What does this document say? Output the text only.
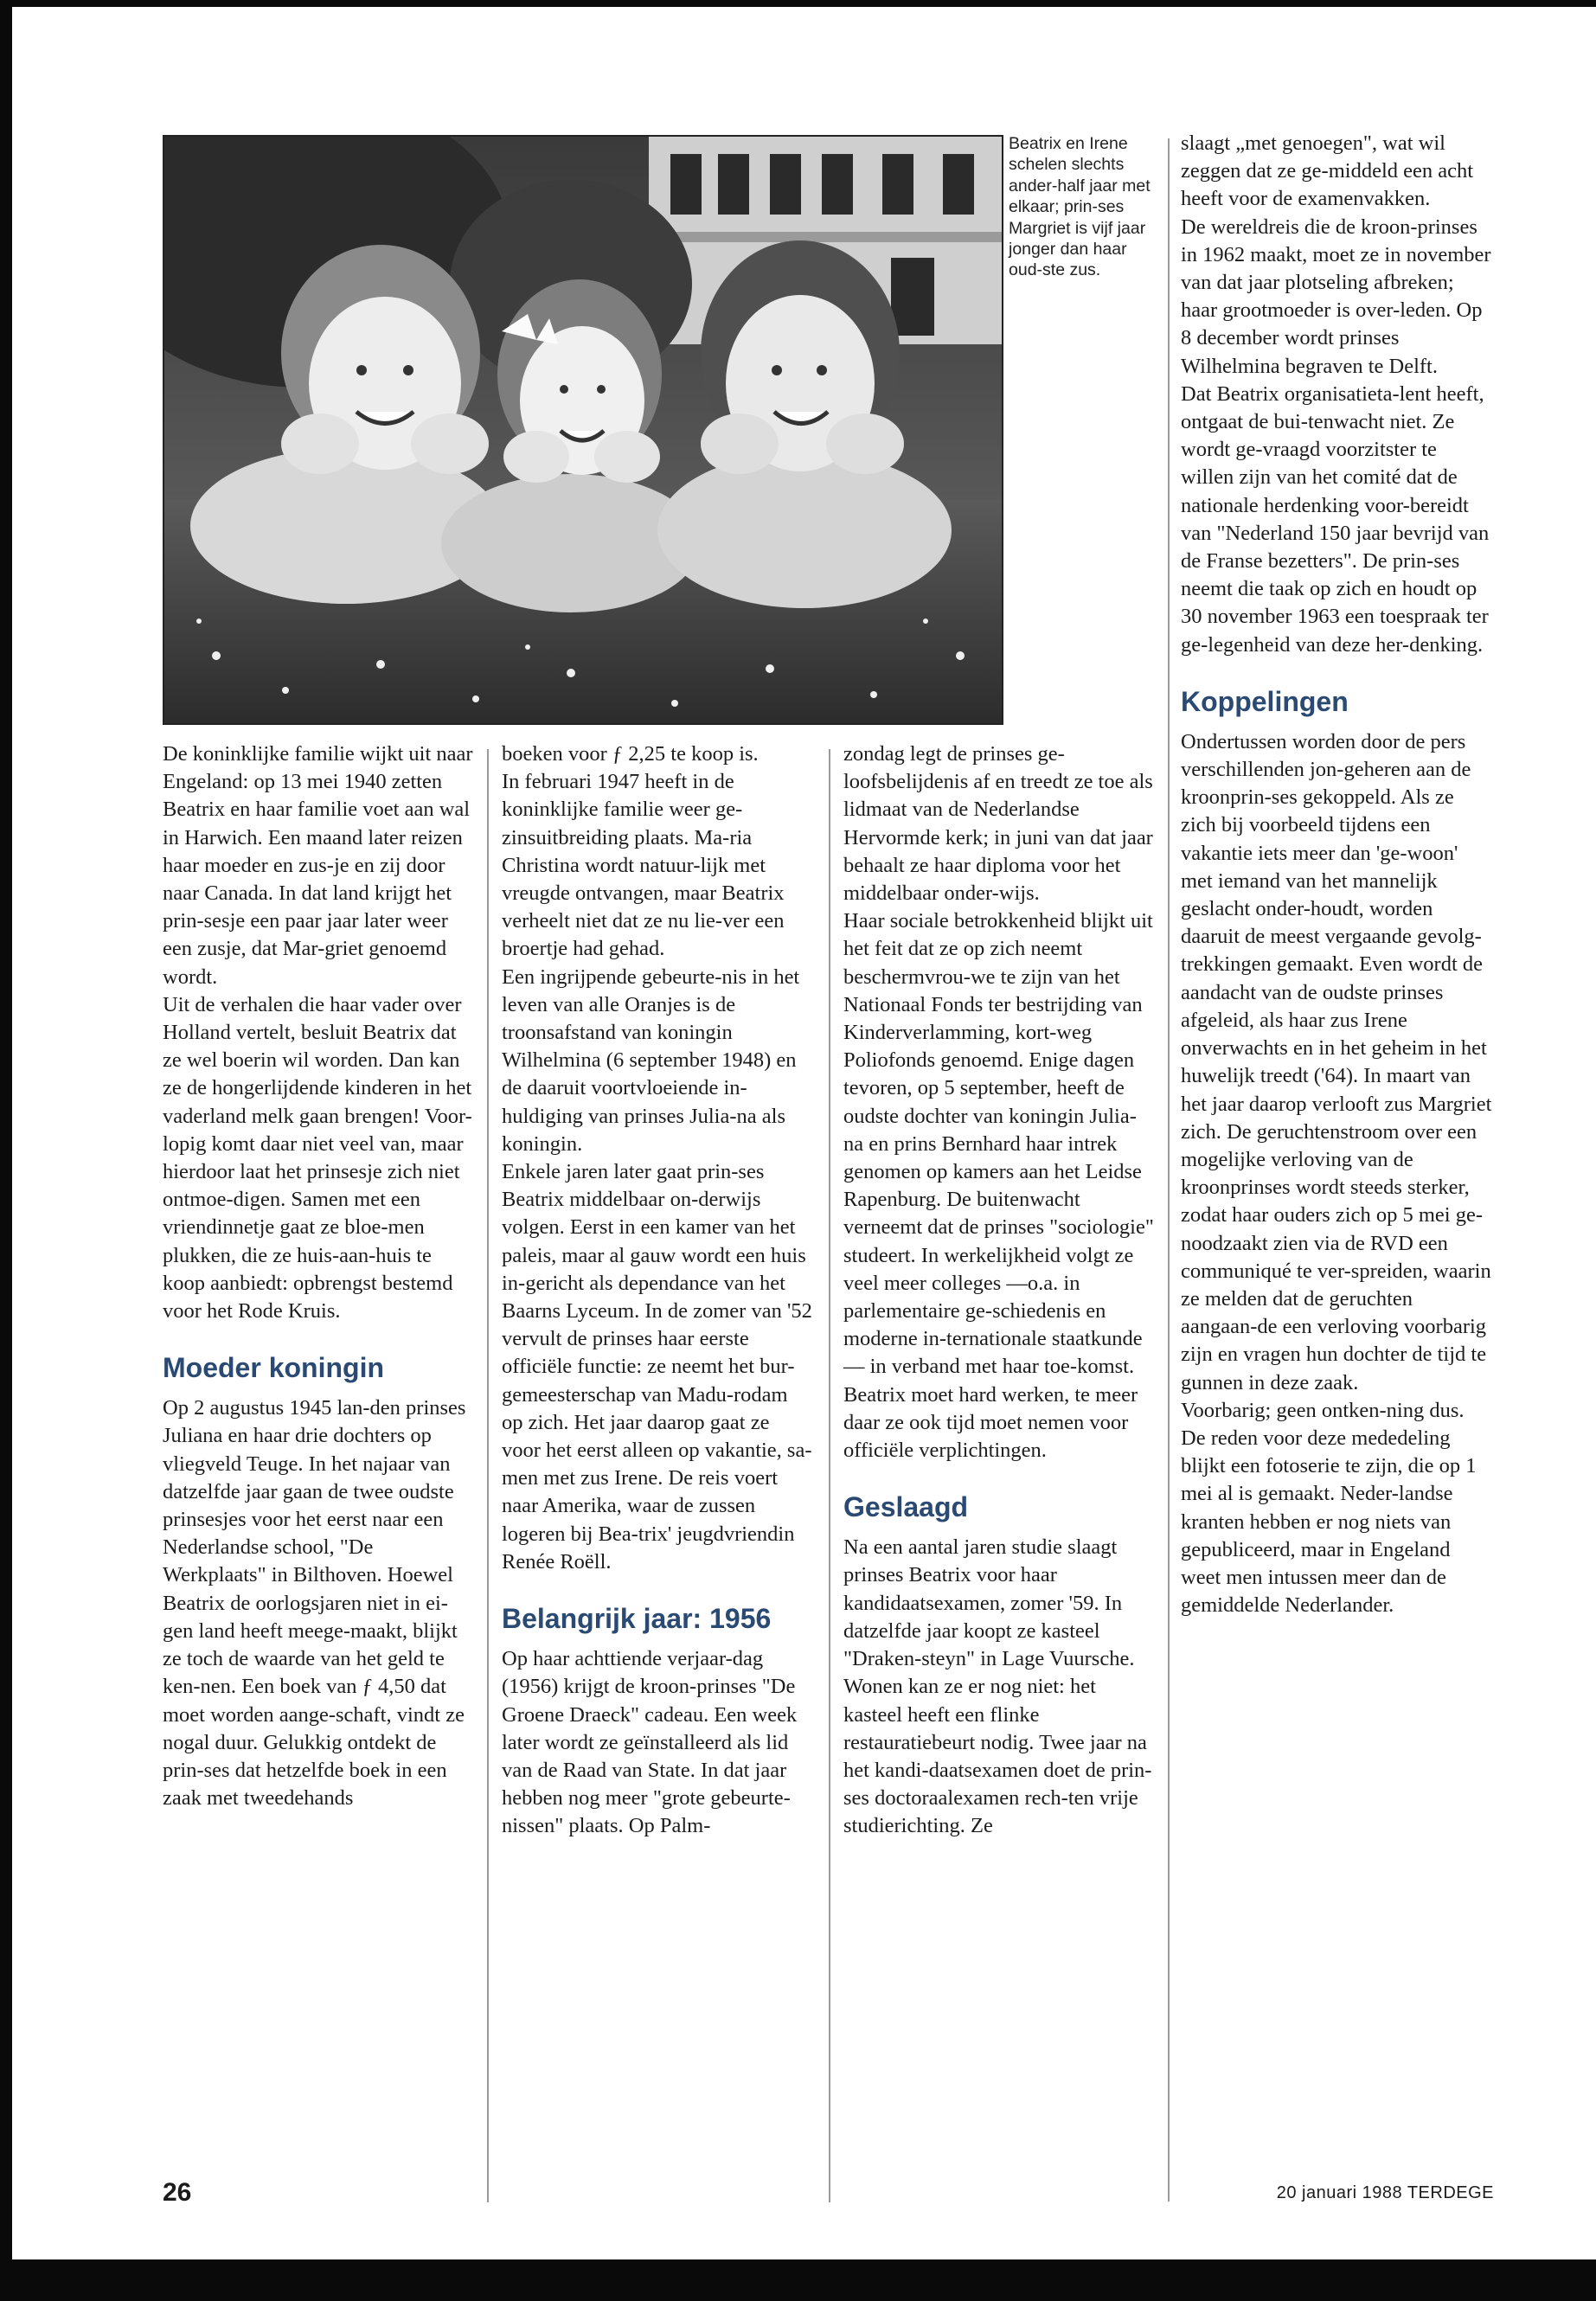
Beatrix en Irene schelen slechts ander-half jaar met elkaar; prin-ses Margriet is vijf jaar jonger dan haar oud-ste zus.

De koninklijke familie wijkt uit naar Engeland: op 13 mei 1940 zetten Beatrix en haar familie voet aan wal in Harwich. Een maand later reizen haar moeder en zus-je en zij door naar Canada. In dat land krijgt het prin-sesje een paar jaar later weer een zusje, dat Mar-griet genoemd wordt.

Uit de verhalen die haar vader over Holland vertelt, besluit Beatrix dat ze wel boerin wil worden. Dan kan ze de hongerlijdende kinderen in het vaderland melk gaan brengen! Voor-lopig komt daar niet veel van, maar hierdoor laat het prinsesje zich niet ontmoe-digen. Samen met een vriendinnetje gaat ze bloe-men plukken, die ze huis-aan-huis te koop aanbiedt: opbrengst bestemd voor het Rode Kruis.

Moeder koningin

Op 2 augustus 1945 lan-den prinses Juliana en haar drie dochters op vliegveld Teuge. In het najaar van datzelfde jaar gaan de twee oudste prinsesjes voor het eerst naar een Nederlandse school, "De Werkplaats" in Bilthoven. Hoewel Beatrix de oorlogsjaren niet in ei-gen land heeft meege-maakt, blijkt ze toch de waarde van het geld te ken-nen. Een boek van ƒ 4,50 dat moet worden aange-schaft, vindt ze nogal duur. Gelukkig ontdekt de prin-ses dat hetzelfde boek in een zaak met tweedehands

boeken voor ƒ 2,25 te koop is.

In februari 1947 heeft in de koninklijke familie weer ge-zinsuitbreiding plaats. Ma-ria Christina wordt natuur-lijk met vreugde ontvangen, maar Beatrix verheelt niet dat ze nu lie-ver een broertje had gehad.

Een ingrijpende gebeurte-nis in het leven van alle Oranjes is de troonsafstand van koningin Wilhelmina (6 september 1948) en de daaruit voortvloeiende in-huldiging van prinses Julia-na als koningin.

Enkele jaren later gaat prin-ses Beatrix middelbaar on-derwijs volgen. Eerst in een kamer van het paleis, maar al gauw wordt een huis in-gericht als dependance van het Baarns Lyceum. In de zomer van '52 vervult de prinses haar eerste officiële functie: ze neemt het bur-gemeesterschap van Madu-rodam op zich. Het jaar daarop gaat ze voor het eerst alleen op vakantie, sa-men met zus Irene. De reis voert naar Amerika, waar de zussen logeren bij Bea-trix' jeugdvriendin Renée Roëll.

Belangrijk jaar: 1956

Op haar achttiende verjaar-dag (1956) krijgt de kroon-prinses "De Groene Draeck" cadeau. Een week later wordt ze geïnstalleerd als lid van de Raad van State. In dat jaar hebben nog meer "grote gebeurte-nissen" plaats. Op Palm-

zondag legt de prinses ge-loofsbelijdenis af en treedt ze toe als lidmaat van de Nederlandse Hervormde kerk; in juni van dat jaar behaalt ze haar diploma voor het middelbaar onder-wijs.

Haar sociale betrokkenheid blijkt uit het feit dat ze op zich neemt beschermvrou-we te zijn van het Nationaal Fonds ter bestrijding van Kinderverlamming, kort-weg Poliofonds genoemd. Enige dagen tevoren, op 5 september, heeft de oudste dochter van koningin Julia-na en prins Bernhard haar intrek genomen op kamers aan het Leidse Rapenburg. De buitenwacht verneemt dat de prinses "sociologie" studeert. In werkelijkheid volgt ze veel meer colleges —o.a. in parlementaire ge-schiedenis en moderne in-ternationale staatkunde— in verband met haar toe-komst. Beatrix moet hard werken, te meer daar ze ook tijd moet nemen voor officiële verplichtingen.

Geslaagd

Na een aantal jaren studie slaagt prinses Beatrix voor haar kandidaatsexamen, zomer '59. In datzelfde jaar koopt ze kasteel "Draken-steyn" in Lage Vuursche. Wonen kan ze er nog niet: het kasteel heeft een flinke restauratiebeurt nodig. Twee jaar na het kandi-daatsexamen doet de prin-ses doctoraalexamen rech-ten vrije studierichting. Ze

slaagt „met genoegen", wat wil zeggen dat ze ge-middeld een acht heeft voor de examenvakken.

De wereldreis die de kroon-prinses in 1962 maakt, moet ze in november van dat jaar plotseling afbreken; haar grootmoeder is over-leden. Op 8 december wordt prinses Wilhelmina begraven te Delft.

Dat Beatrix organisatieta-lent heeft, ontgaat de bui-tenwacht niet. Ze wordt ge-vraagd voorzitster te willen zijn van het comité dat de nationale herdenking voor-bereidt van "Nederland 150 jaar bevrijd van de Franse bezetters". De prin-ses neemt die taak op zich en houdt op 30 november 1963 een toespraak ter ge-legenheid van deze her-denking.

Koppelingen

Ondertussen worden door de pers verschillenden jon-geheren aan de kroonprin-ses gekoppeld. Als ze zich bij voorbeeld tijdens een vakantie iets meer dan 'ge-woon' met iemand van het mannelijk geslacht onder-houdt, worden daaruit de meest vergaande gevolg-trekkingen gemaakt. Even wordt de aandacht van de oudste prinses afgeleid, als haar zus Irene onverwachts en in het geheim in het huwelijk treedt ('64). In maart van het jaar daarop verlooft zus Margriet zich. De geruchtenstroom over een mogelijke verloving van de kroonprinses wordt steeds sterker, zodat haar ouders zich op 5 mei ge-noodzaakt zien via de RVD een communiqué te ver-spreiden, waarin ze melden dat de geruchten aangaan-de een verloving voorbarig zijn en vragen hun dochter de tijd te gunnen in deze zaak.

Voorbarig; geen ontken-ning dus. De reden voor deze mededeling blijkt een fotoserie te zijn, die op 1 mei al is gemaakt. Neder-landse kranten hebben er nog niets van gepubliceerd, maar in Engeland weet men intussen meer dan de gemiddelde Nederlander.

26	20 januari 1988 TERDEGE
